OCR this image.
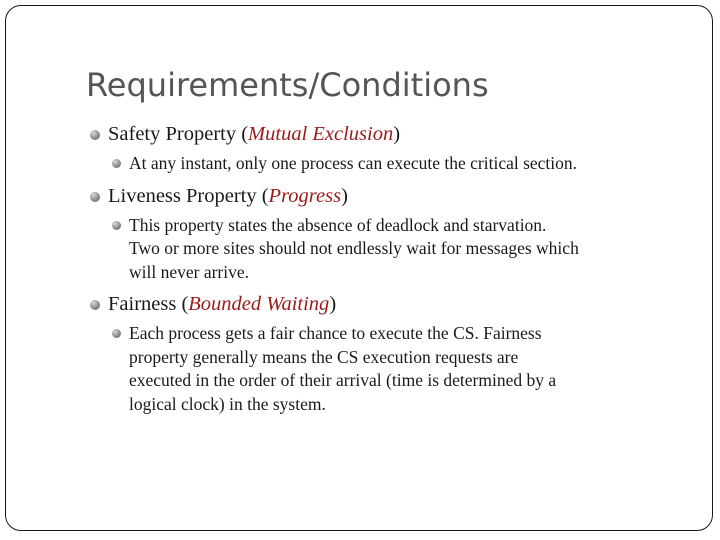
Requirements/Conditions

Safety Property (Mutual Exclusion)

At any instant, only one process can execute the critical section.

Liveness Property (Progress)

This property states the absence of deadlock and starvation.
Two or more sites should not endlessly wait for messages which
will never arrive.

Fairness (Bounded Waiting)

Each process gets a fair chance to execute the CS. Fairness
property generally means the CS execution requests are
executed in the order of their arrival (time is determined by a
logical clock) in the system.
